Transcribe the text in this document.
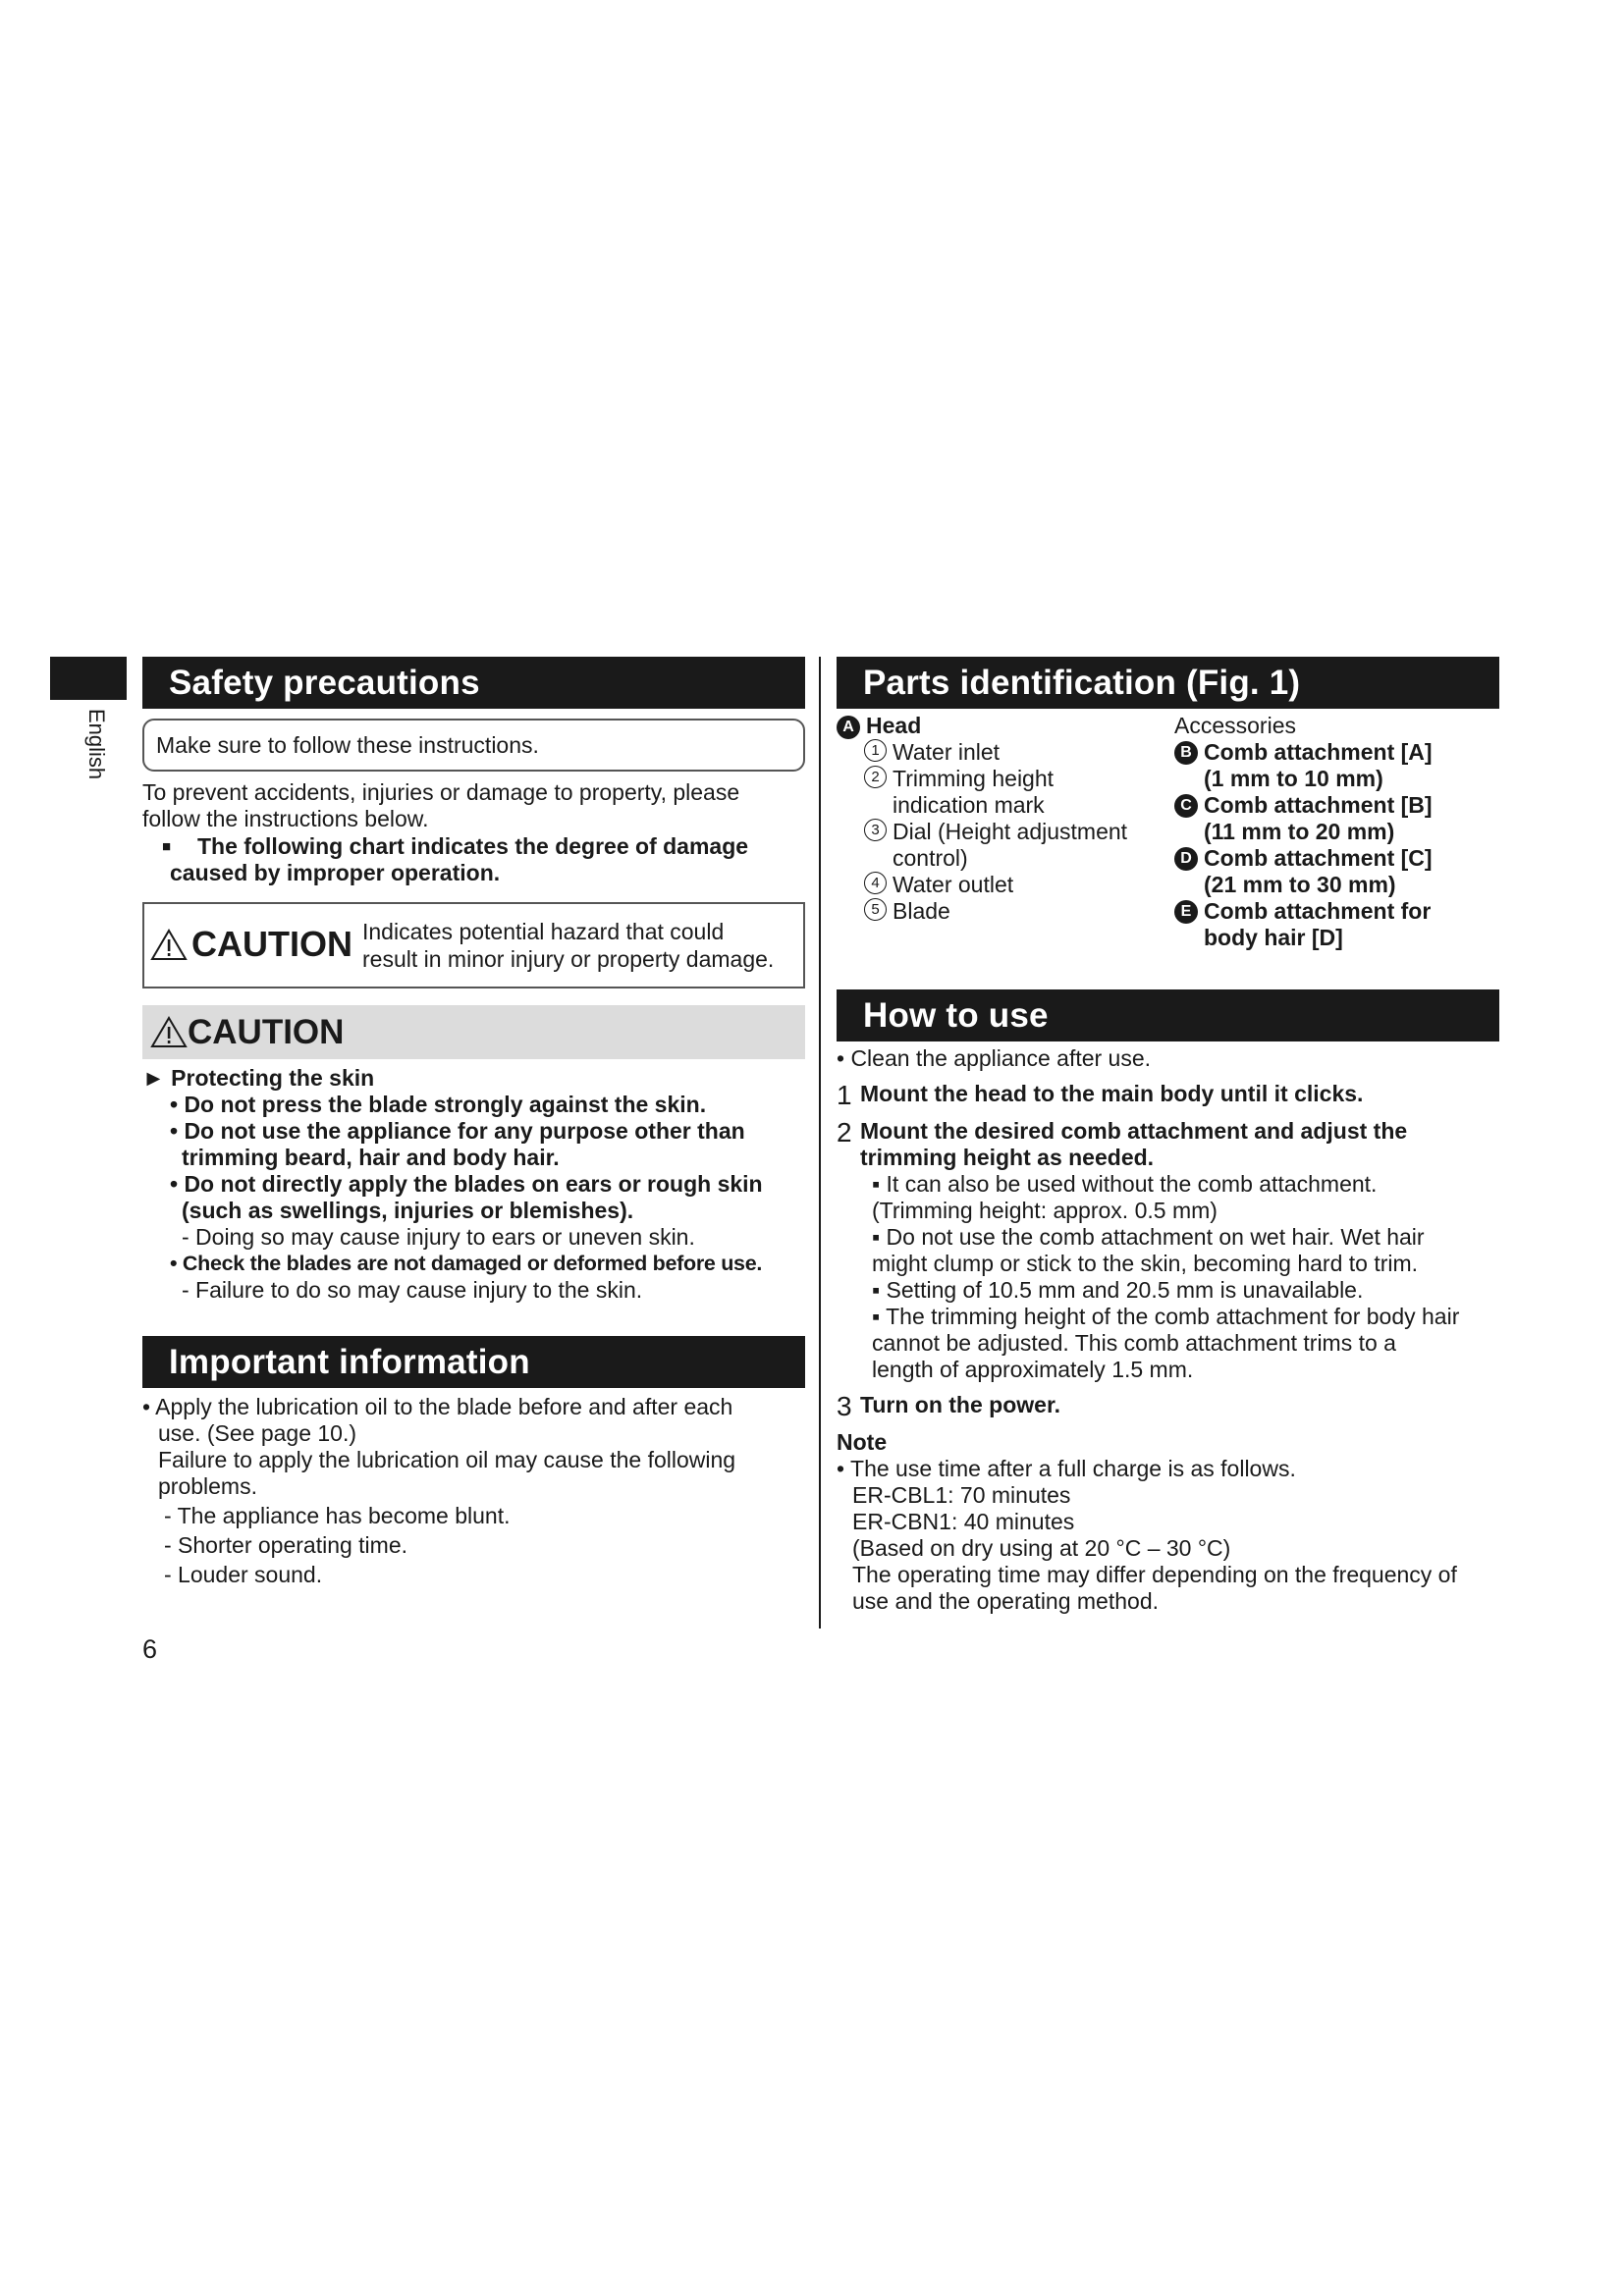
English
Safety precautions
Make sure to follow these instructions.

To prevent accidents, injuries or damage to property, please

follow the instructions below.

■	The following chart indicates the degree of damage

caused by improper operation.

CAUTION Indicates potential hazard that could

result in minor injury or property damage.

CAUTION

► Protecting the skin

• Do not press the blade strongly against the skin.

• Do not use the appliance for any purpose other than

trimming beard, hair and body hair.

• Do not directly apply the blades on ears or rough skin

(such as swellings, injuries or blemishes).

- Doing so may cause injury to ears or uneven skin.

• Check the blades are not damaged or deformed before use.

- Failure to do so may cause injury to the skin.

Important information

• Apply the lubrication oil to the blade before and after each

use. (See page 10.)

Failure to apply the lubrication oil may cause the following

problems.

- The appliance has become blunt.

- Shorter operating time.

- Louder sound.

6
Parts identification (Fig. 1)

A Head

1 Water inlet
2 Trimming height

indication mark

3 Dial (Height adjustment

control)

4 Water outlet
5 Blade

Accessories

B Comb attachment [A]

(1 mm to 10 mm)

C Comb attachment [B]

(11 mm to 20 mm)

D Comb attachment [C]

(21 mm to 30 mm)

E Comb attachment for

body hair [D]

How to use

• Clean the appliance after use.

1 Mount the head to the main body until it clicks.
2 Mount the desired comb attachment and adjust the

trimming height as needed.

▪ It can also be used without the comb attachment.

(Trimming height: approx. 0.5 mm)

▪ Do not use the comb attachment on wet hair. Wet hair

might clump or stick to the skin, becoming hard to trim.

▪ Setting of 10.5 mm and 20.5 mm is unavailable.

▪ The trimming height of the comb attachment for body hair

cannot be adjusted. This comb attachment trims to a

length of approximately 1.5 mm.

3 Turn on the power.

Note

• The use time after a full charge is as follows.

ER-CBL1: 70 minutes

ER-CBN1: 40 minutes

(Based on dry using at 20 °C – 30 °C)

The operating time may differ depending on the frequency of

use and the operating method.
